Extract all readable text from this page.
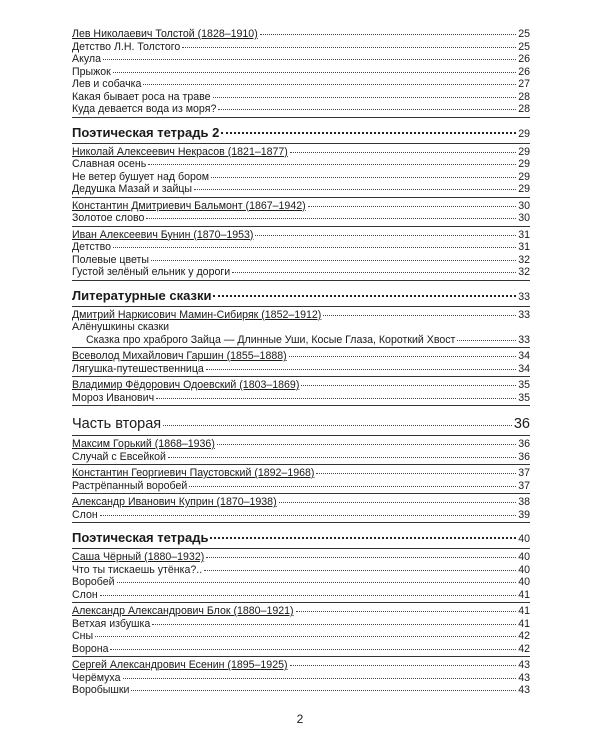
Лев Николаевич Толстой (1828–1910)	25
Детство Л.Н. Толстого	25
Акула	26
Прыжок	26
Лев и собачка	27
Какая бывает роса на траве	28
Куда девается вода из моря?	28
Поэтическая тетрадь 2	29
Николай Алексеевич Некрасов (1821–1877)	29
Славная осень	29
Не ветер бушует над бором	29
Дедушка Мазай и зайцы	29
Константин Дмитриевич Бальмонт (1867–1942)	30
Золотое слово	30
Иван Алексеевич Бунин (1870–1953)	31
Детство	31
Полевые цветы	32
Густой зелёный ельник у дороги	32
Литературные сказки	33
Дмитрий Наркисович Мамин-Сибиряк (1852–1912)	33
Алёнушкины сказки
Сказка про храброго Зайца — Длинные Уши, Косые Глаза, Короткий Хвост	33
Всеволод Михайлович Гаршин (1855–1888)	34
Лягушка-путешественница	34
Владимир Фёдорович Одоевский (1803–1869)	35
Мороз Иванович	35
Часть вторая	36
Максим Горький (1868–1936)	36
Случай с Евсейкой	36
Константин Георгиевич Паустовский (1892–1968)	37
Растрёпанный воробей	37
Александр Иванович Куприн (1870–1938)	38
Слон	39
Поэтическая тетрадь	40
Саша Чёрный (1880–1932)	40
Что ты тискаешь утёнка?..	40
Воробей	40
Слон	41
Александр Александрович Блок (1880–1921)	41
Ветхая избушка	41
Сны	42
Ворона	42
Сергей Александрович Есенин (1895–1925)	43
Черёмуха	43
Воробышки	43
2
